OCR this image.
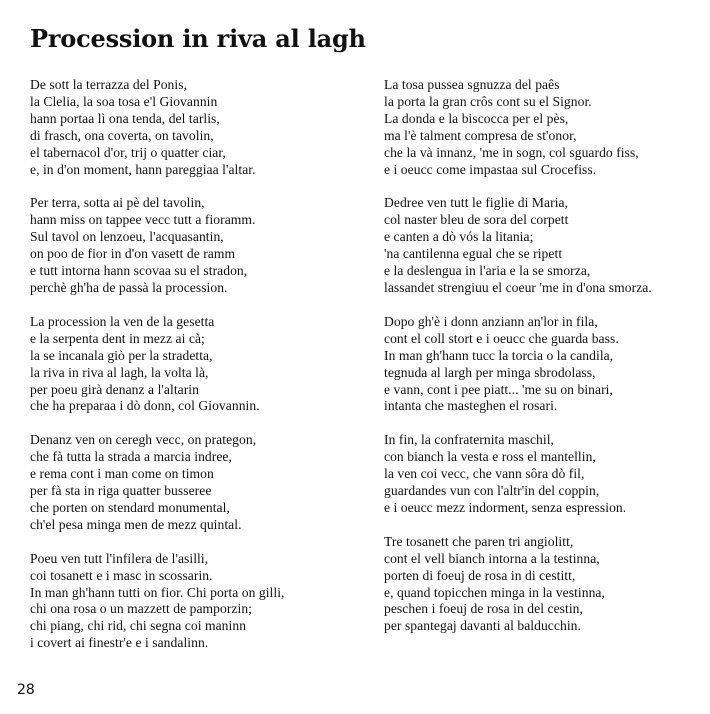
Procession in riva al lagh
De sott la terrazza del Ponis,
la Clelia, la soa tosa e'l Giovannin
hann portaa lì ona tenda, del tarlis,
di frasch, ona coverta, on tavolin,
el tabernacol d'or, trij o quatter ciar,
e, in d'on moment, hann pareggiaa l'altar.
Per terra, sotta ai pè del tavolin,
hann miss on tappee vecc tutt a fioramm.
Sul tavol on lenzoeu, l'acquasantin,
on poo de fior in d'on vasett de ramm
e tutt intorna hann scovaa su el stradon,
perchè gh'ha de passà la procession.
La procession la ven de la gesetta
e la serpenta dent in mezz ai cà;
la se incanala giò per la stradetta,
la riva in riva al lagh, la volta là,
per poeu girà denanz a l'altarin
che ha preparaa i dò donn, col Giovannin.
Denanz ven on ceregh vecc, on prategon,
che fà tutta la strada a marcia indree,
e rema cont i man come on timon
per fà sta in riga quatter busseree
che porten on stendard monumental,
ch'el pesa minga men de mezz quintal.
Poeu ven tutt l'infilera de l'asilli,
coi tosanett e i masc in scossarin.
In man gh'hann tutti on fior. Chi porta on gilli,
chi ona rosa o un mazzett de pamporzin;
chi piang, chi rid, chi segna coi maninn
i covert ai finestr'e e i sandalinn.
La tosa pussea sgnuzza del paês
la porta la gran crôs cont su el Signor.
La donda e la biscocca per el pès,
ma l'è talment compresa de st'onor,
che la và innanz, 'me in sogn, col sguardo fiss,
e i oeucc come impastaa sul Crocefiss.
Dedree ven tutt le figlie di Maria,
col naster bleu de sora del corpett
e canten a dò vós la litania;
'na cantilenna egual che se ripett
e la deslengua in l'aria e la se smorza,
lassandet strengiuu el coeur 'me in d'ona smorza.
Dopo gh'è i donn anziann an'lor in fila,
cont el coll stort e i oeucc che guarda bass.
In man gh'hann tucc la torcia o la candila,
tegnuda al largh per minga sbrodolass,
e vann, cont i pee piatt... 'me su on binari,
intanta che masteghen el rosari.
In fin, la confraternita maschil,
con bianch la vesta e ross el mantellin,
la ven coi vecc, che vann sôra dò fil,
guardandes vun con l'altr'in del coppin,
e i oeucc mezz indorment, senza espression.
Tre tosanett che paren tri angiolitt,
cont el vell bianch intorna a la testinna,
porten di foeuj de rosa in di cestitt,
e, quand topicchen minga in la vestinna,
peschen i foeuj de rosa in del cestin,
per spantegaj davanti al balducchin.
28
